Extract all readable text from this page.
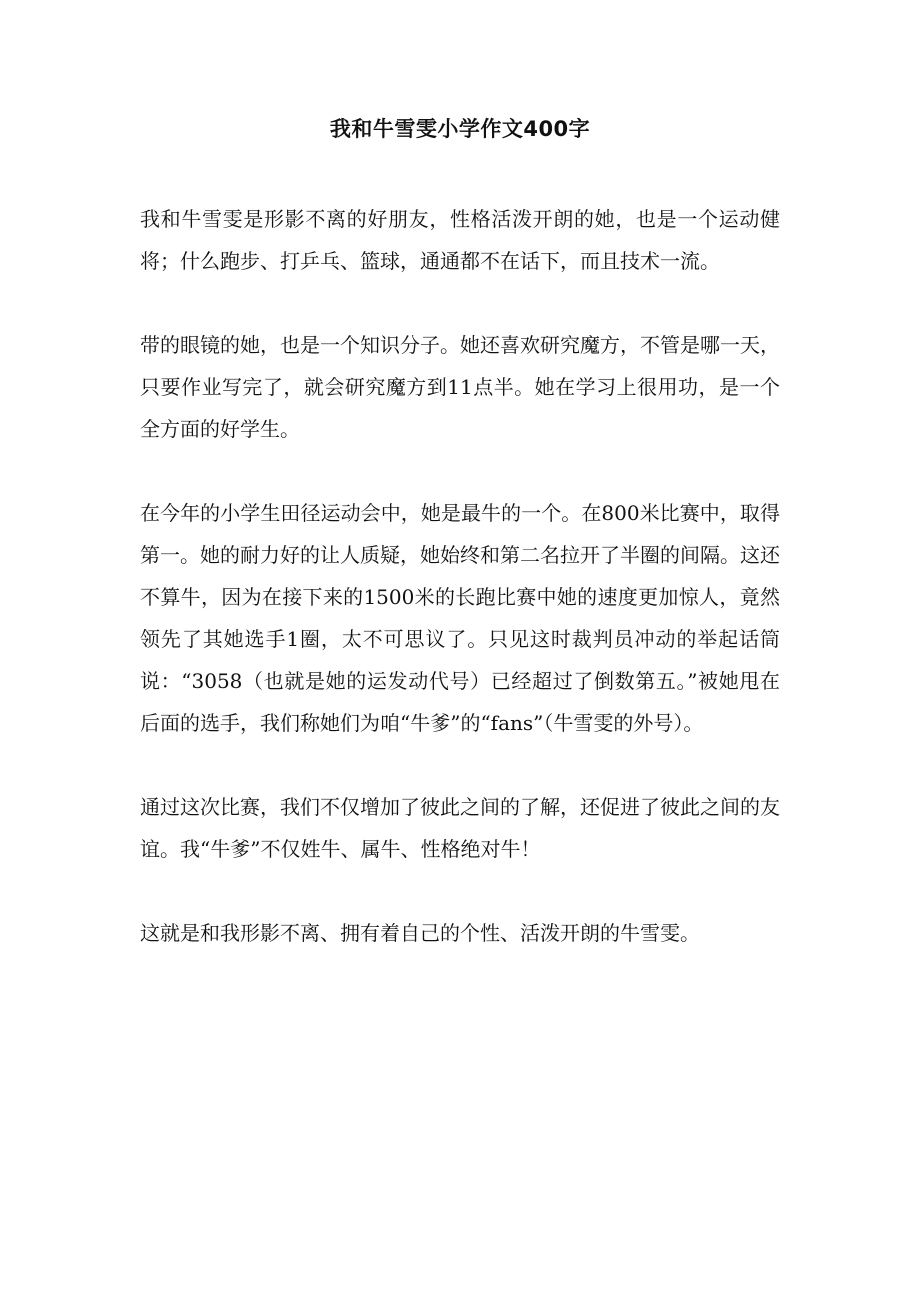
我和牛雪雯小学作文400字

我和牛雪雯是形影不离的好朋友，性格活泼开朗的她，也是一个运动健将；什么跑步、打乒乓、篮球，通通都不在话下，而且技术一流。

带的眼镜的她，也是一个知识分子。她还喜欢研究魔方，不管是哪一天，只要作业写完了，就会研究魔方到11点半。她在学习上很用功，是一个全方面的好学生。

在今年的小学生田径运动会中，她是最牛的一个。在800米比赛中，取得第一。她的耐力好的让人质疑，她始终和第二名拉开了半圈的间隔。这还不算牛，因为在接下来的1500米的长跑比赛中她的速度更加惊人，竟然领先了其她选手1圈，太不可思议了。只见这时裁判员冲动的举起话筒说：“3058（也就是她的运发动代号）已经超过了倒数第五。”被她甩在后面的选手，我们称她们为咱“牛爹”的“fans”（牛雪雯的外号）。

通过这次比赛，我们不仅增加了彼此之间的了解，还促进了彼此之间的友谊。我“牛爹”不仅姓牛、属牛、性格绝对牛！

这就是和我形影不离、拥有着自己的个性、活泼开朗的牛雪雯。
